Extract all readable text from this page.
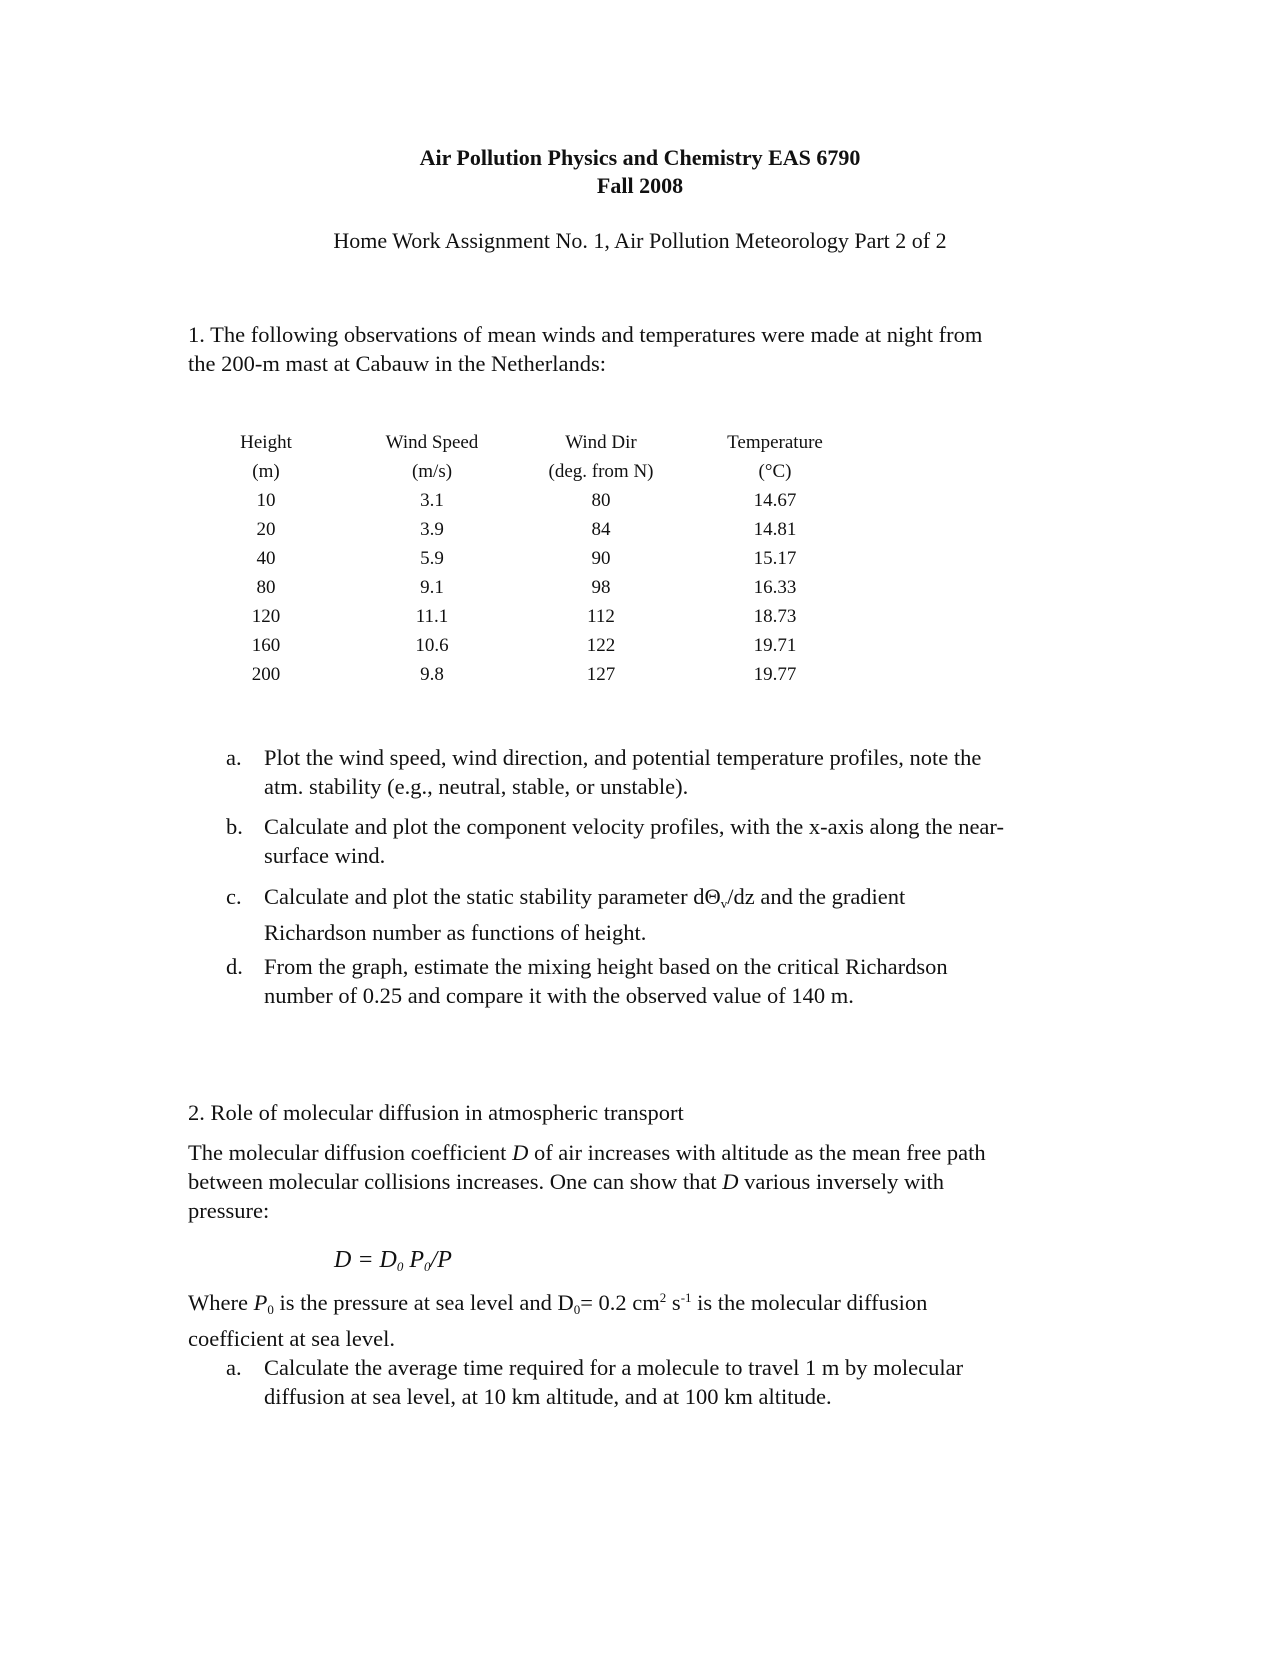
Air Pollution Physics and Chemistry EAS 6790
Fall 2008
Home Work Assignment No. 1, Air Pollution Meteorology Part 2 of 2
1. The following observations of mean winds and temperatures were made at night from
the 200-m mast at Cabauw in the Netherlands:
Height	Wind Speed	Wind Dir	Temperature
(m)	(m/s)	(deg. from N)	(°C)
10	3.1	80	14.67
20	3.9	84	14.81
40	5.9	90	15.17
80	9.1	98	16.33
120	11.1	112	18.73
160	10.6	122	19.71
200	9.8	127	19.77
a. Plot the wind speed, wind direction, and potential temperature profiles, note the
atm. stability (e.g., neutral, stable, or unstable).
b. Calculate and plot the component velocity profiles, with the x-axis along the near-
surface wind.
c. Calculate and plot the static stability parameter $d\Theta_v/dz$ and the gradient
Richardson number as functions of height.
d. From the graph, estimate the mixing height based on the critical Richardson
number of 0.25 and compare it with the observed value of 140 m.
2. Role of molecular diffusion in atmospheric transport
The molecular diffusion coefficient D of air increases with altitude as the mean free path
between molecular collisions increases. One can show that D various inversely with
pressure:
$D = D_0$ $P_0/P$
Where $P_0$ is the pressure at sea level and $D_0= 0.2$ $cm^2$ $s^{-1}$ is the molecular diffusion
coefficient at sea level.
a. Calculate the average time required for a molecule to travel 1 m by molecular
diffusion at sea level, at 10 km altitude, and at 100 km altitude.
